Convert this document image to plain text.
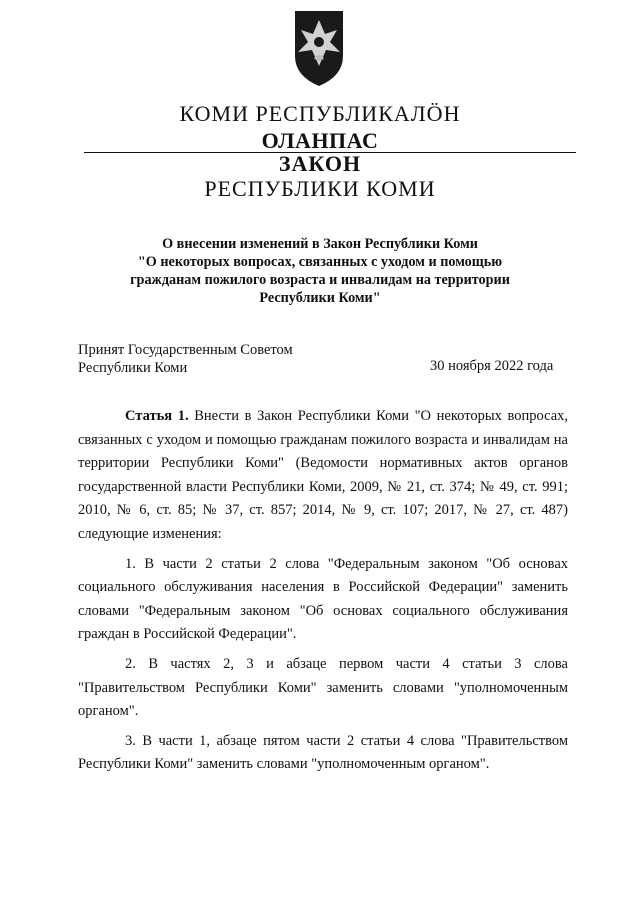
КОМИ РЕСПУБЛИКАЛÖН
ОЛАНПАС
ЗАКОН
РЕСПУБЛИКИ КОМИ
О внесении изменений в Закон Республики Коми
"О некоторых вопросах, связанных с уходом и помощью
гражданам пожилого возраста и инвалидам на территории
Республики Коми"
Принят Государственным Советом
Республики Коми	30 ноября 2022 года

Статья 1. Внести в Закон Республики Коми "О некоторых вопросах, связанных с уходом и помощью гражданам пожилого возраста и инвалидам на территории Республики Коми" (Ведомости нормативных актов органов государственной власти Республики Коми, 2009, № 21, ст. 374; № 49, ст. 991; 2010, № 6, ст. 85; № 37, ст. 857; 2014, № 9, ст. 107; 2017, № 27, ст. 487) следующие изменения:

1. В части 2 статьи 2 слова "Федеральным законом "Об основах социального обслуживания населения в Российской Федерации" заменить словами "Федеральным законом "Об основах социального обслуживания граждан в Российской Федерации".

2. В частях 2, 3 и абзаце первом части 4 статьи 3 слова "Правительством Республики Коми" заменить словами "уполномоченным органом".

3. В части 1, абзаце пятом части 2 статьи 4 слова "Правительством Республики Коми" заменить словами "уполномоченным органом".
